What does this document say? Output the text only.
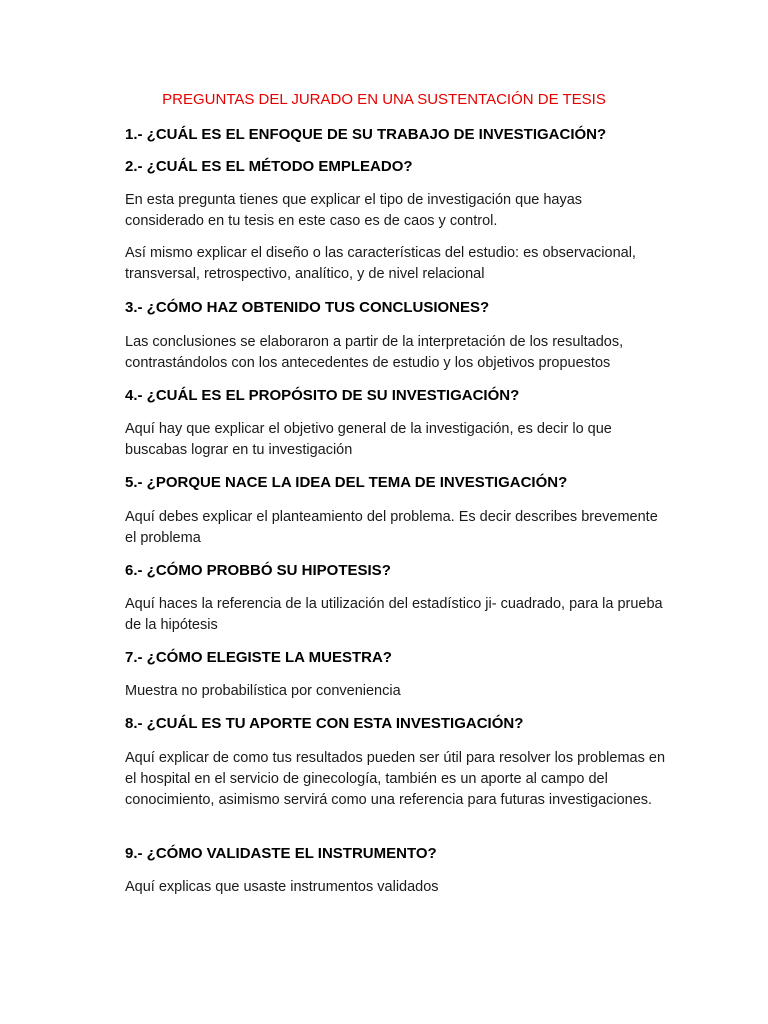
PREGUNTAS DEL JURADO EN UNA SUSTENTACIÓN DE TESIS

1.- ¿CUÁL ES EL ENFOQUE DE SU TRABAJO DE INVESTIGACIÓN?

2.- ¿CUÁL ES EL MÉTODO EMPLEADO?

En esta pregunta tienes que explicar el tipo de investigación que hayas considerado en tu tesis en este caso es de caos y control.

Así mismo explicar el diseño o las características del estudio: es observacional, transversal, retrospectivo, analítico, y de nivel relacional

3.- ¿CÓMO HAZ OBTENIDO TUS CONCLUSIONES?

Las conclusiones se elaboraron a partir de la interpretación de los resultados, contrastándolos con los antecedentes de estudio y los objetivos propuestos

4.- ¿CUÁL ES EL PROPÓSITO DE SU INVESTIGACIÓN?

Aquí hay que explicar el objetivo general de la investigación, es decir lo que buscabas lograr en tu investigación

5.- ¿PORQUE NACE LA IDEA DEL TEMA DE INVESTIGACIÓN?

Aquí debes explicar el planteamiento del problema. Es decir describes brevemente el problema

6.- ¿CÓMO PROBBÓ SU HIPOTESIS?

Aquí haces la referencia de la utilización del estadístico ji- cuadrado, para la prueba de la hipótesis

7.- ¿CÓMO ELEGISTE LA MUESTRA?

Muestra no probabilística por conveniencia

8.- ¿CUÁL ES TU APORTE CON ESTA INVESTIGACIÓN?

Aquí explicar de como tus resultados pueden ser útil para resolver los problemas en el hospital en el servicio de ginecología, también es un aporte al campo del conocimiento, asimismo servirá como una referencia para futuras investigaciones.

9.- ¿CÓMO VALIDASTE EL INSTRUMENTO?

Aquí explicas que usaste instrumentos validados
